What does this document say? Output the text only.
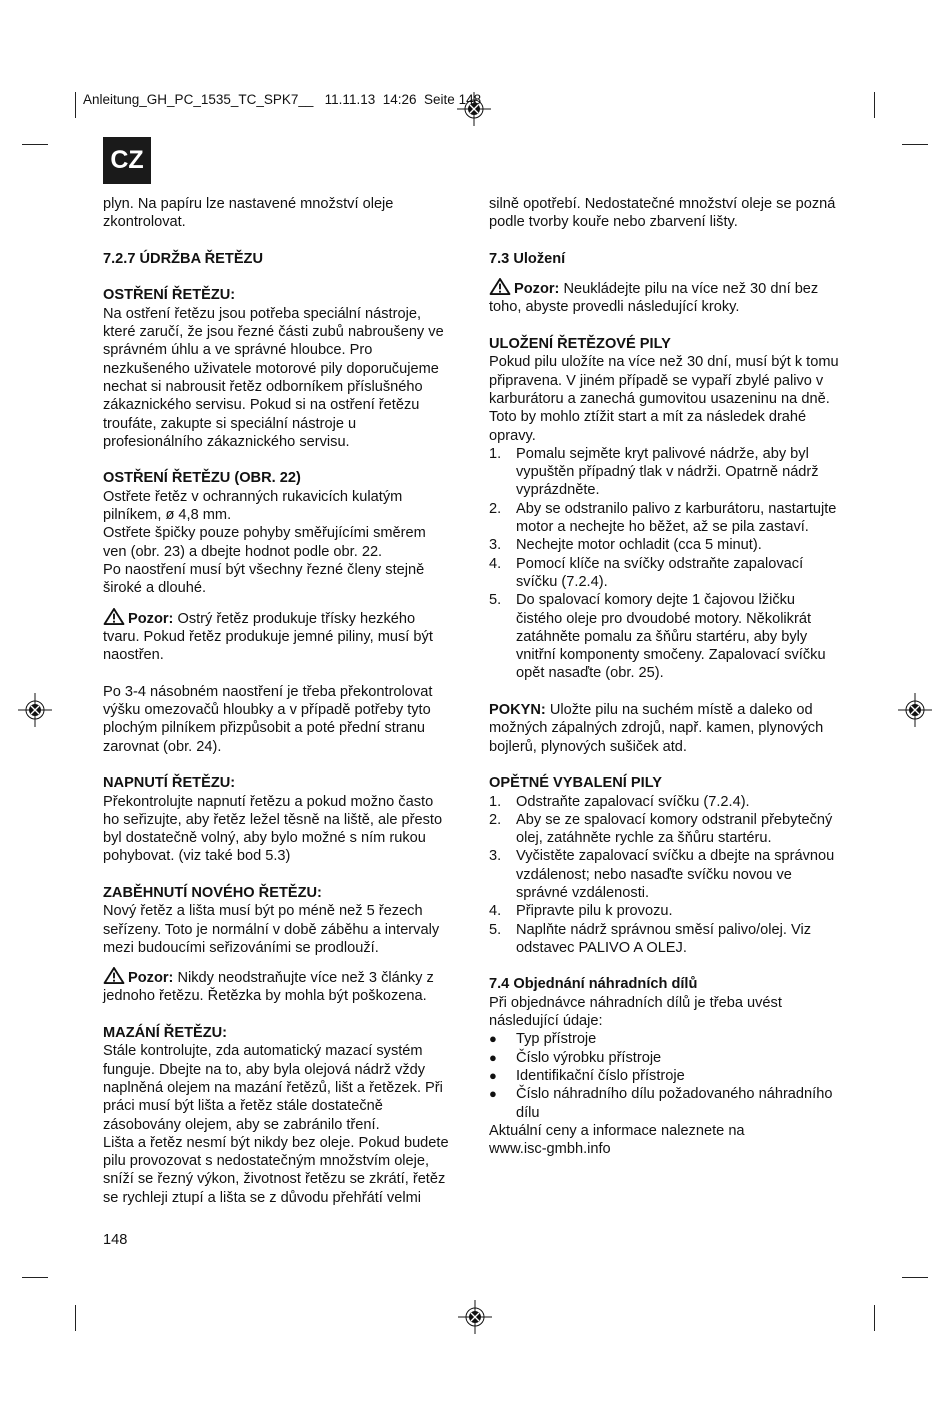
Anleitung_GH_PC_1535_TC_SPK7__ 11.11.13 14:26 Seite 148
CZ

plyn. Na papíru lze nastavené množství oleje

zkontrolovat.

7.2.7 ÚDRŽBA ŘETĚZU

OSTŘENÍ ŘETĚZU:

Na ostření řetězu jsou potřeba speciální nástroje,

které zaručí, že jsou řezné části zubů nabroušeny ve

správném úhlu a ve správné hloubce. Pro

nezkušeného uživatele motorové pily doporučujeme

nechat si nabrousit řetěz odborníkem příslušného

zákaznického servisu. Pokud si na ostření řetězu

troufáte, zakupte si speciální nástroje u

profesionálního zákaznického servisu.

OSTŘENÍ ŘETĚZU (OBR. 22)

Ostřete řetěz v ochranných rukavicích kulatým

pilníkem, ø 4,8 mm.

Ostřete špičky pouze pohyby směřujícími směrem

ven (obr. 23) a dbejte hodnot podle obr. 22.

Po naostření musí být všechny řezné členy stejně

široké a dlouhé.

Pozor: Ostrý řetěz produkuje třísky hezkého

tvaru. Pokud řetěz produkuje jemné piliny, musí být

naostřen.

Po 3-4 násobném naostření je třeba překontrolovat

výšku omezovačů hloubky a v případě potřeby tyto

plochým pilníkem přizpůsobit a poté přední stranu

zarovnat (obr. 24).

NAPNUTÍ ŘETĚZU:

Překontrolujte napnutí řetězu a pokud možno často

ho seřizujte, aby řetěz ležel těsně na liště, ale přesto

byl dostatečně volný, aby bylo možné s ním rukou

pohybovat. (viz také bod 5.3)

ZABĚHNUTÍ NOVÉHO ŘETĚZU:

Nový řetěz a lišta musí být po méně než 5 řezech

seřízeny. Toto je normální v době záběhu a intervaly

mezi budoucími seřizováními se prodlouží.

Pozor: Nikdy neodstraňujte více než 3 články z

jednoho řetězu. Řetězka by mohla být poškozena.

MAZÁNÍ ŘETĚZU:

Stále kontrolujte, zda automatický mazací systém

funguje. Dbejte na to, aby byla olejová nádrž vždy

naplněná olejem na mazání řetězů, lišt a řetězek. Při

práci musí být lišta a řetěz stále dostatečně

zásobovány olejem, aby se zabránilo tření.

Lišta a řetěz nesmí být nikdy bez oleje. Pokud budete

pilu provozovat s nedostatečným množstvím oleje,

sníží se řezný výkon, životnost řetězu se zkrátí, řetěz

se rychleji ztupí a lišta se z důvodu přehřátí velmi

silně opotřebí. Nedostatečné množství oleje se pozná

podle tvorby kouře nebo zbarvení lišty.

7.3 Uložení

Pozor: Neukládejte pilu na více než 30 dní bez

toho, abyste provedli následující kroky.

ULOŽENÍ ŘETĚZOVÉ PILY

Pokud pilu uložíte na více než 30 dní, musí být k tomu

připravena. V jiném případě se vypaří zbylé palivo v

karburátoru a zanechá gumovitou usazeninu na dně.

Toto by mohlo ztížit start a mít za následek drahé

opravy.

1.	Pomalu sejměte kryt palivové nádrže, aby byl
vypuštěn případný tlak v nádrži. Opatrně nádrž
vyprázdněte.
2.	Aby se odstranilo palivo z karburátoru, nastartujte
motor a nechejte ho běžet, až se pila zastaví.
3.	Nechejte motor ochladit (cca 5 minut).
4.	Pomocí klíče na svíčky odstraňte zapalovací
svíčku (7.2.4).
5.	Do spalovací komory dejte 1 čajovou lžičku
čistého oleje pro dvoudobé motory. Několikrát
zatáhněte pomalu za šňůru startéru, aby byly
vnitřní komponenty smočeny. Zapalovací svíčku
opět nasaďte (obr. 25).

POKYN: Uložte pilu na suchém místě a daleko od

možných zápalných zdrojů, např. kamen, plynových

bojlerů, plynových sušiček atd.

OPĚTNÉ VYBALENÍ PILY

1.	Odstraňte zapalovací svíčku (7.2.4).
2.	Aby se ze spalovací komory odstranil přebytečný
olej, zatáhněte rychle za šňůru startéru.
3.	Vyčistěte zapalovací svíčku a dbejte na správnou
vzdálenost; nebo nasaďte svíčku novou ve
správné vzdálenosti.
4.	Připravte pilu k provozu.
5.	Naplňte nádrž správnou směsí palivo/olej. Viz
odstavec PALIVO A OLEJ.

7.4 Objednání náhradních dílů

Při objednávce náhradních dílů je třeba uvést

následující údaje:

●	Typ přístroje
●	Číslo výrobku přístroje
●	Identifikační číslo přístroje
●	Číslo náhradního dílu požadovaného náhradního
dílu

Aktuální ceny a informace naleznete na

www.isc-gmbh.info

148
